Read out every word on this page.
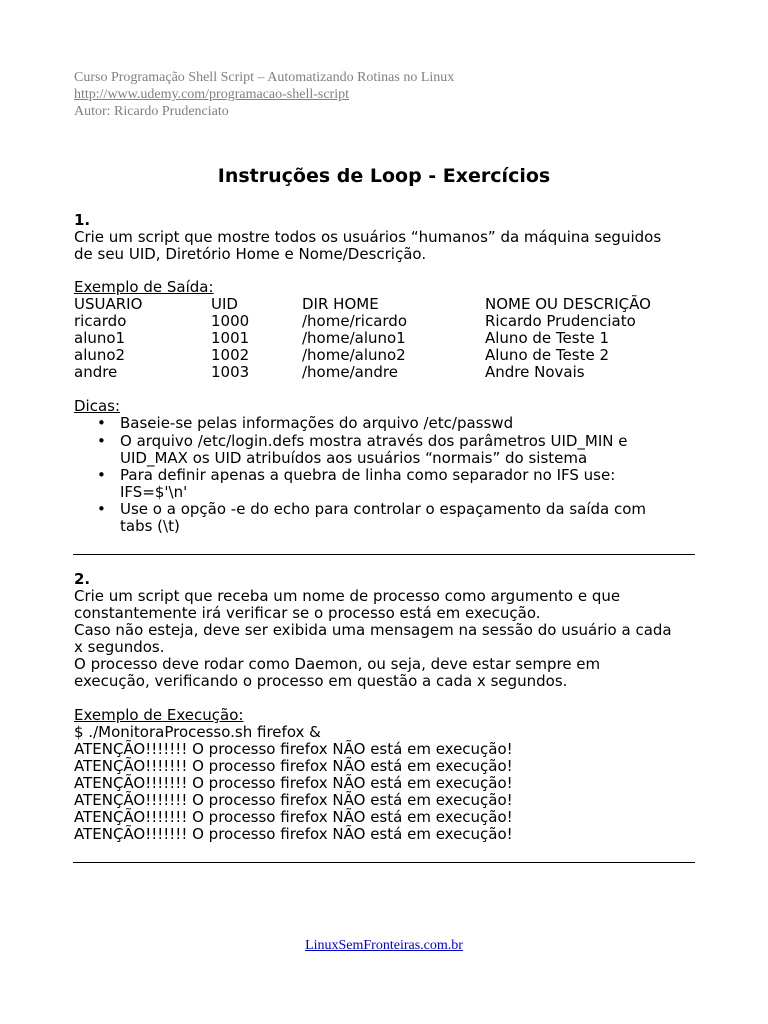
Curso Programação Shell Script – Automatizando Rotinas no Linux
http://www.udemy.com/programacao-shell-script
Autor: Ricardo Prudenciato
Instruções de Loop - Exercícios
1.
Crie um script que mostre todos os usuários “humanos” da máquina seguidos
de seu UID, Diretório Home e Nome/Descrição.
Exemplo de Saída:
USUARIO	UID	DIR HOME	NOME OU DESCRIÇÃO
ricardo	1000	/home/ricardo	Ricardo Prudenciato
aluno1	1001	/home/aluno1	Aluno de Teste 1
aluno2	1002	/home/aluno2	Aluno de Teste 2
andre	1003	/home/andre	Andre Novais
Dicas:
• Baseie-se pelas informações do arquivo /etc/passwd
• O arquivo /etc/login.defs mostra através dos parâmetros UID_MIN e
UID_MAX os UID atribuídos aos usuários “normais” do sistema
• Para definir apenas a quebra de linha como separador no IFS use:
IFS=$'\n'
• Use o a opção -e do echo para controlar o espaçamento da saída com
tabs (\t)
2.
Crie um script que receba um nome de processo como argumento e que
constantemente irá verificar se o processo está em execução.
Caso não esteja, deve ser exibida uma mensagem na sessão do usuário a cada
x segundos.
O processo deve rodar como Daemon, ou seja, deve estar sempre em
execução, verificando o processo em questão a cada x segundos.
Exemplo de Execução:
$ ./MonitoraProcesso.sh firefox &
ATENÇÃO!!!!!!! O processo firefox NÃO está em execução!
ATENÇÃO!!!!!!! O processo firefox NÃO está em execução!
ATENÇÃO!!!!!!! O processo firefox NÃO está em execução!
ATENÇÃO!!!!!!! O processo firefox NÃO está em execução!
ATENÇÃO!!!!!!! O processo firefox NÃO está em execução!
ATENÇÃO!!!!!!! O processo firefox NÃO está em execução!
LinuxSemFronteiras.com.br
